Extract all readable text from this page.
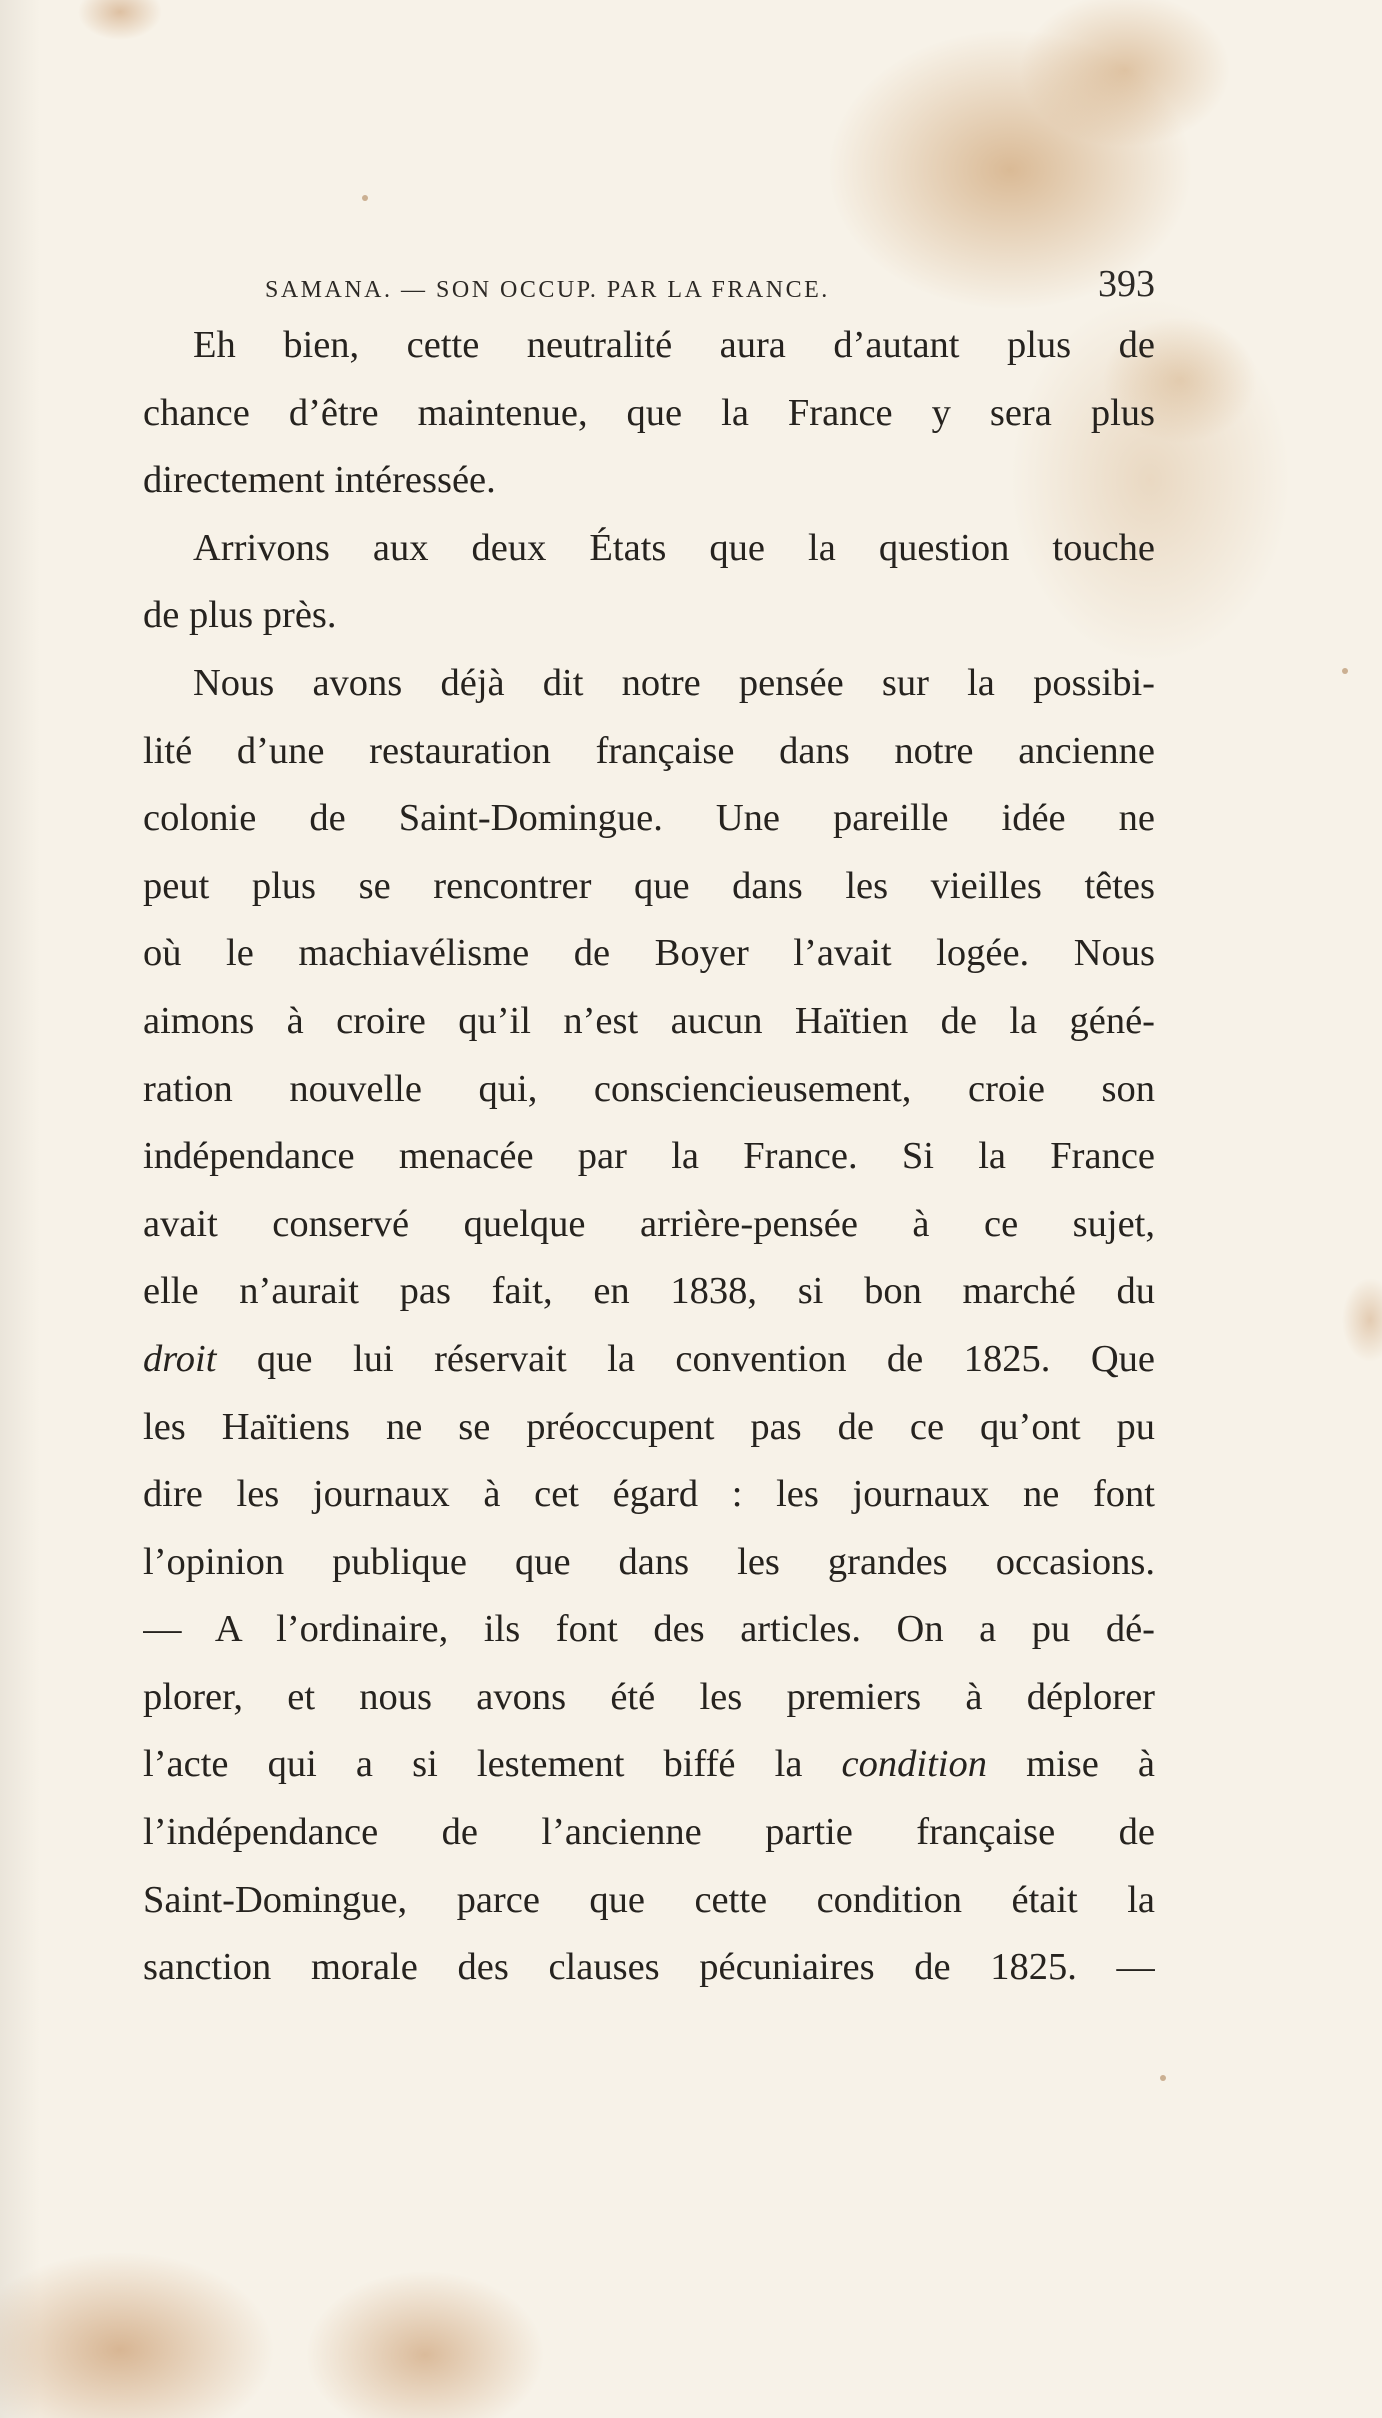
SAMANA. — SON OCCUP. PAR LA FRANCE.	393
Eh bien, cette neutralité aura d’autant plus de
chance d’être maintenue, que la France y sera plus
directement intéressée.
Arrivons aux deux États que la question touche
de plus près.
Nous avons déjà dit notre pensée sur la possibi-
lité d’une restauration française dans notre ancienne
colonie de Saint-Domingue. Une pareille idée ne
peut plus se rencontrer que dans les vieilles têtes
où le machiavélisme de Boyer l’avait logée. Nous
aimons à croire qu’il n’est aucun Haïtien de la géné-
ration nouvelle qui, consciencieusement, croie son
indépendance menacée par la France. Si la France
avait conservé quelque arrière-pensée à ce sujet,
elle n’aurait pas fait, en 1838, si bon marché du
droit que lui réservait la convention de 1825. Que
les Haïtiens ne se préoccupent pas de ce qu’ont pu
dire les journaux à cet égard : les journaux ne font
l’opinion publique que dans les grandes occasions.
— A l’ordinaire, ils font des articles. On a pu dé-
plorer, et nous avons été les premiers à déplorer
l’acte qui a si lestement biffé la condition mise à
l’indépendance de l’ancienne partie française de
Saint-Domingue, parce que cette condition était la
sanction morale des clauses pécuniaires de 1825. —
